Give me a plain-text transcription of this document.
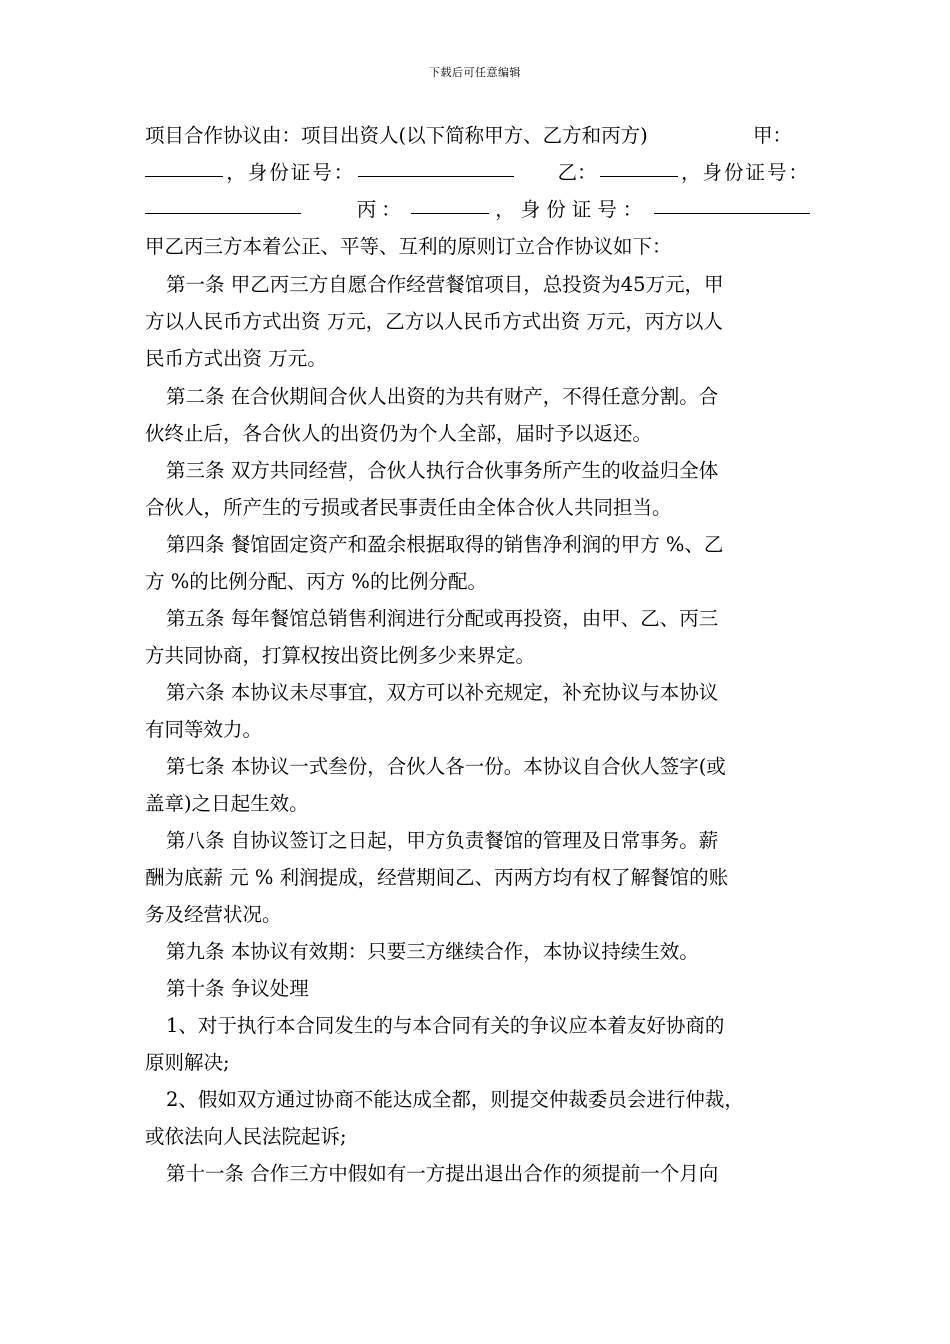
下载后可任意编辑
项目合作协议由：项目出资人(以下简称甲方、乙方和丙方)	甲：
，身份证号：	乙：	，身份证号：
丙：	，身份证号：
甲乙丙三方本着公正、平等、互利的原则订立合作协议如下：
第一条 甲乙丙三方自愿合作经营餐馆项目，总投资为45万元，甲
方以人民币方式出资 万元，乙方以人民币方式出资 万元，丙方以人
民币方式出资 万元。
第二条 在合伙期间合伙人出资的为共有财产，不得任意分割。合
伙终止后，各合伙人的出资仍为个人全部，届时予以返还。
第三条 双方共同经营，合伙人执行合伙事务所产生的收益归全体
合伙人，所产生的亏损或者民事责任由全体合伙人共同担当。
第四条 餐馆固定资产和盈余根据取得的销售净利润的甲方 %、乙
方 %的比例分配、丙方 %的比例分配。
第五条 每年餐馆总销售利润进行分配或再投资，由甲、乙、丙三
方共同协商，打算权按出资比例多少来界定。
第六条 本协议未尽事宜，双方可以补充规定，补充协议与本协议
有同等效力。
第七条 本协议一式叁份，合伙人各一份。本协议自合伙人签字(或
盖章)之日起生效。
第八条 自协议签订之日起，甲方负责餐馆的管理及日常事务。薪
酬为底薪 元 % 利润提成，经营期间乙、丙两方均有权了解餐馆的账
务及经营状况。
第九条 本协议有效期：只要三方继续合作，本协议持续生效。
第十条 争议处理
1、对于执行本合同发生的与本合同有关的争议应本着友好协商的
原则解决;
2、假如双方通过协商不能达成全都，则提交仲裁委员会进行仲裁，
或依法向人民法院起诉;
第十一条 合作三方中假如有一方提出退出合作的须提前一个月向
